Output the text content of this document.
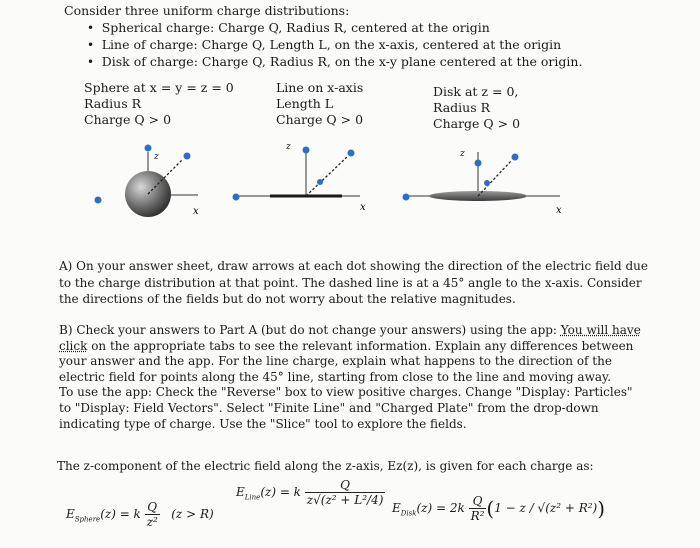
Consider three uniform charge distributions:
•  Spherical charge: Charge Q, Radius R, centered at the origin
•  Line of charge: Charge Q, Length L, on the x-axis, centered at the origin
•  Disk of charge: Charge Q, Radius R, on the x-y plane centered at the origin.
Sphere at x = y = z = 0
Radius R
Charge Q > 0
Line on x-axis
Length L
Charge Q > 0
Disk at z = 0,
Radius R
Charge Q > 0
z
x
z
x
z
x
A) On your answer sheet, draw arrows at each dot showing the direction of the electric field due
to the charge distribution at that point. The dashed line is at a 45° angle to the x-axis. Consider
the directions of the fields but do not worry about the relative magnitudes.
B) Check your answers to Part A (but do not change your answers) using the app: You will have
click on the appropriate tabs to see the relevant information. Explain any differences between
your answer and the app. For the line charge, explain what happens to the direction of the
electric field for points along the 45° line, starting from close to the line and moving away.
To use the app: Check the "Reverse" box to view positive charges. Change "Display: Particles"
to "Display: Field Vectors". Select "Finite Line" and "Charged Plate" from the drop-down
indicating type of charge. Use the "Slice" tool to explore the fields.
The z-component of the electric field along the z-axis, Ez(z), is given for each charge as:
$E_{Sphere}(z) = k \frac{Q}{\text{z²}} (z > R)$
$E_{Line}(z) = k \frac{Q}{\text{z√(z² + L²/4)}}$
$E_{Disk}(z) = 2k \frac{Q}{\text{R²}} (1 - z / √(z^2 + R^2))$
